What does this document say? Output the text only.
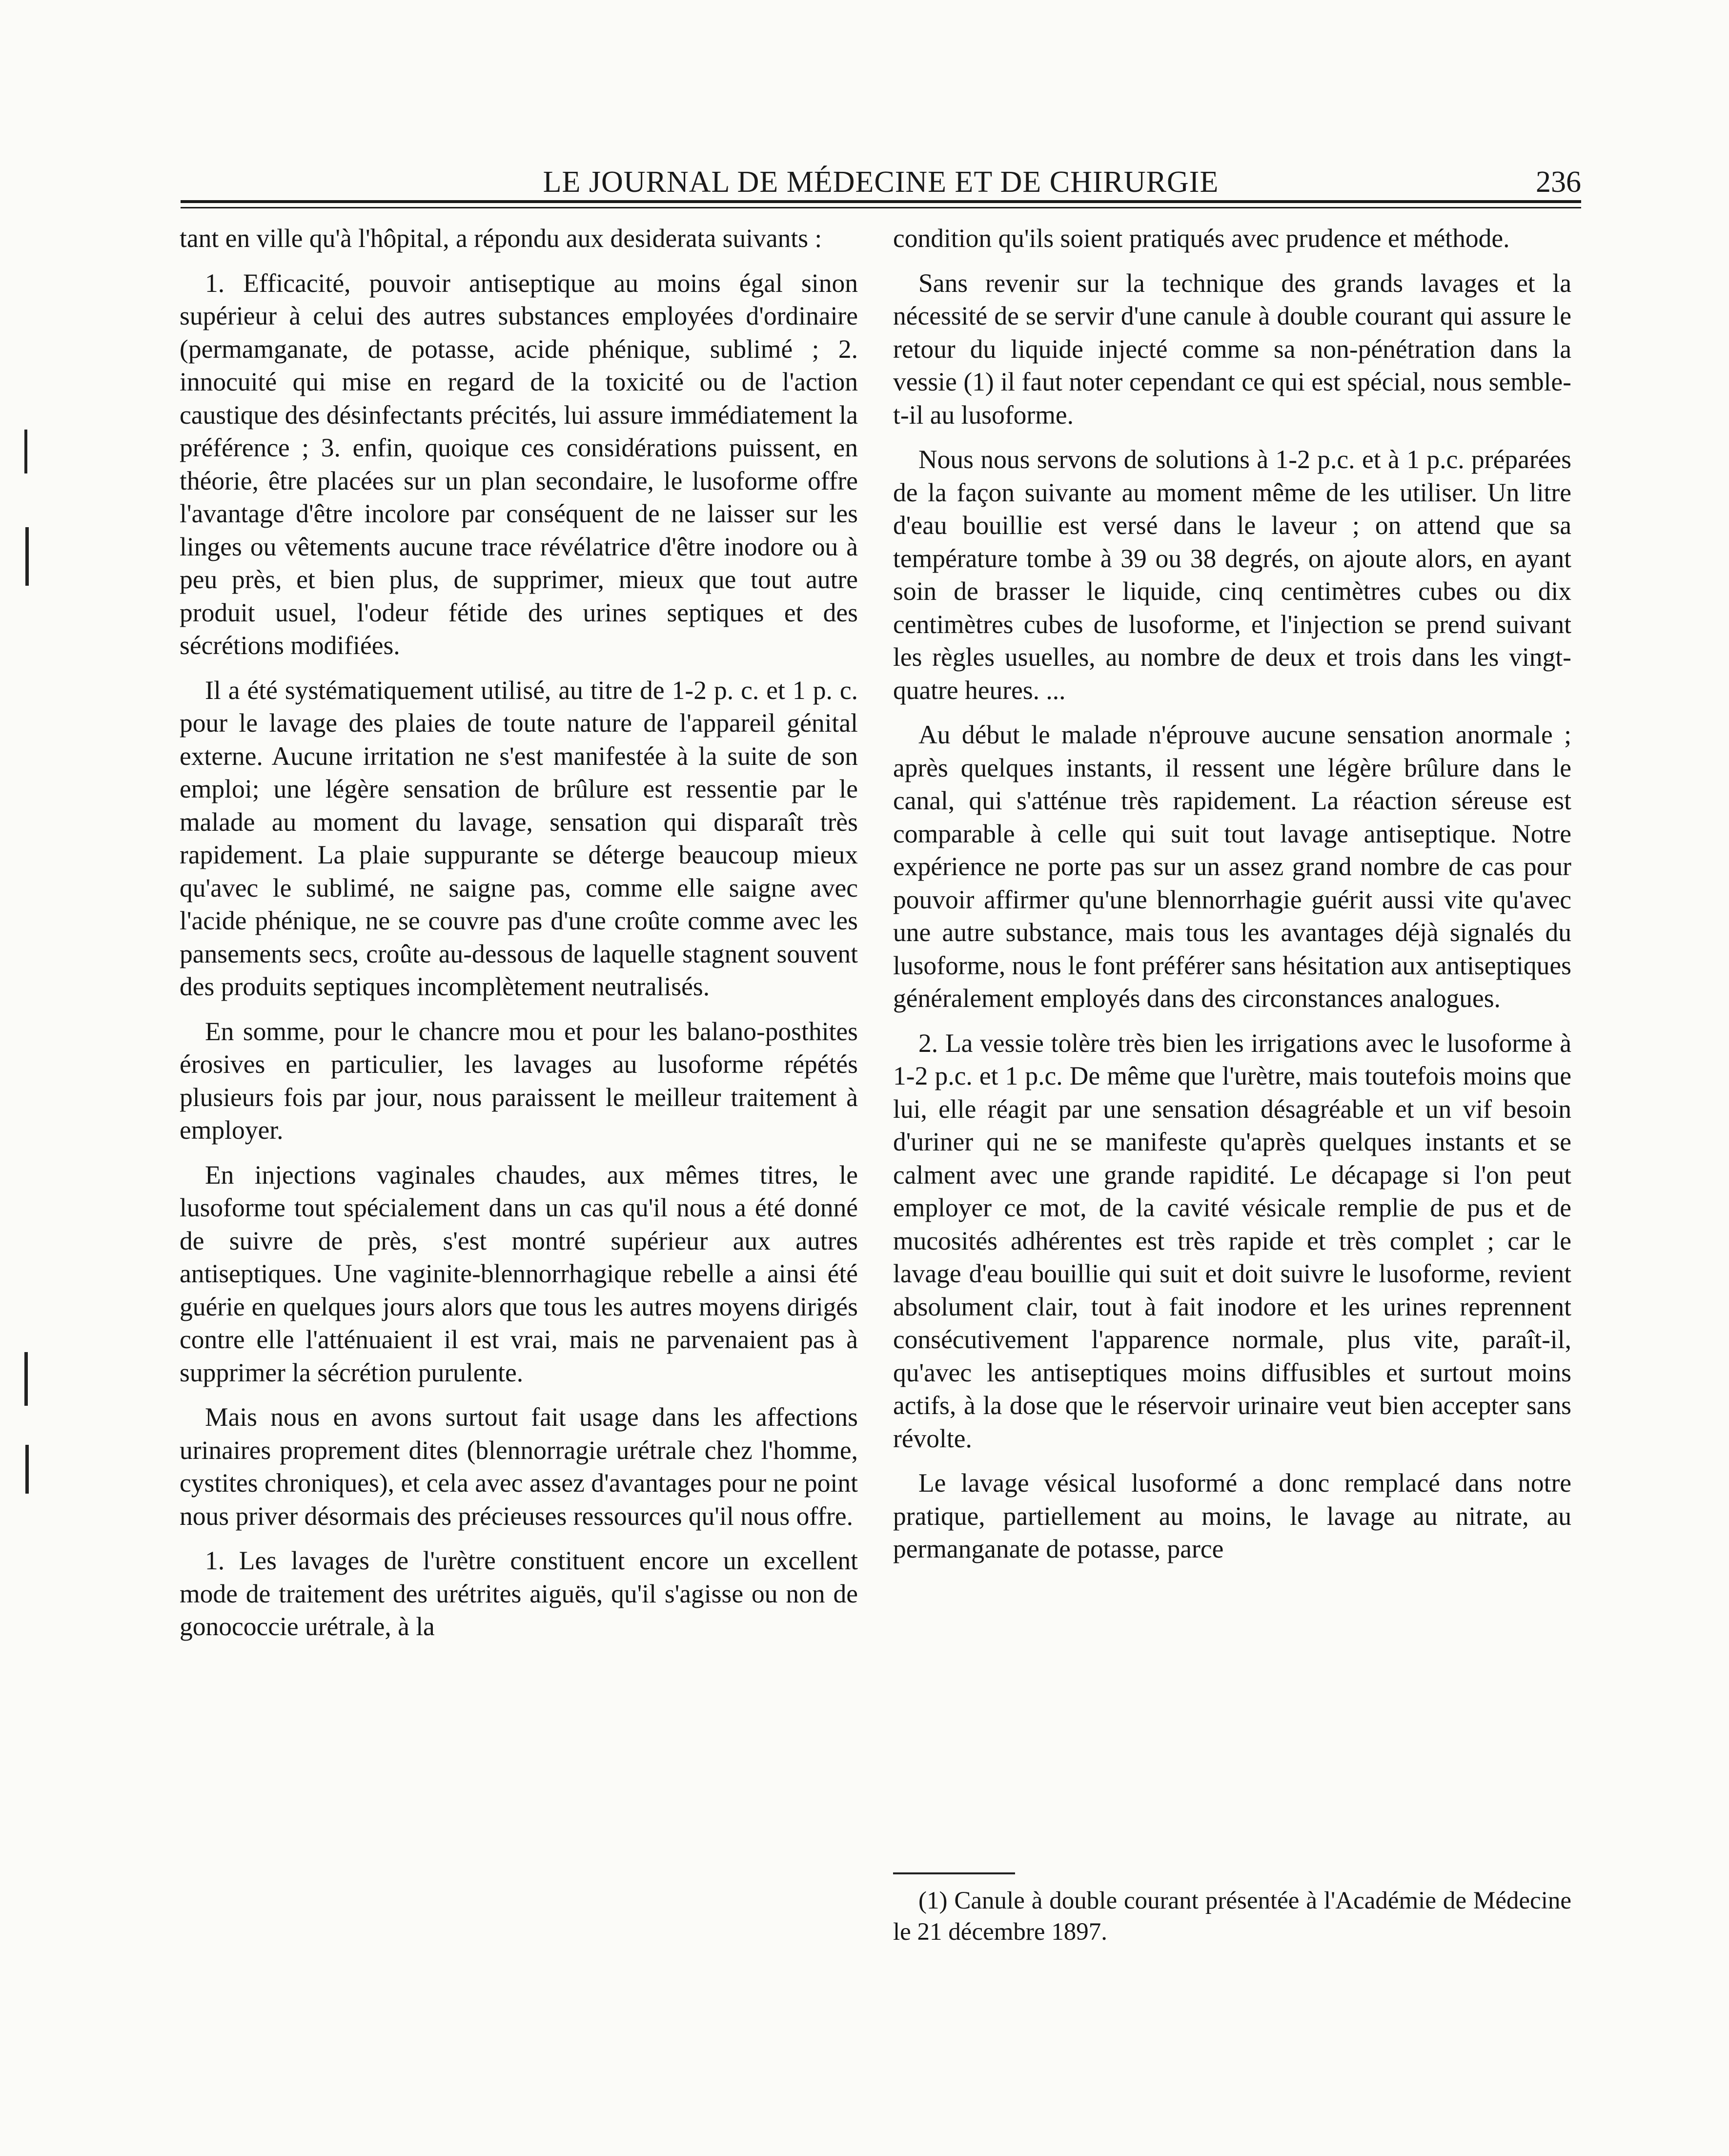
LE JOURNAL DE MÉDECINE ET DE CHIRURGIE	236

tant en ville qu'à l'hôpital, a répondu aux desiderata suivants :

1. Efficacité, pouvoir antiseptique au moins égal sinon supérieur à celui des autres substances employées d'ordinaire (permamganate, de potasse, acide phénique, sublimé ; 2. innocuité qui mise en regard de la toxicité ou de l'action caustique des désinfectants précités, lui assure immédiatement la préférence ; 3. enfin, quoique ces considérations puissent, en théorie, être placées sur un plan secondaire, le lusoforme offre l'avantage d'être incolore par conséquent de ne laisser sur les linges ou vêtements aucune trace révélatrice d'être inodore ou à peu près, et bien plus, de supprimer, mieux que tout autre produit usuel, l'odeur fétide des urines septiques et des sécrétions modifiées.

Il a été systématiquement utilisé, au titre de 1-2 p. c. et 1 p. c. pour le lavage des plaies de toute nature de l'appareil génital externe. Aucune irritation ne s'est manifestée à la suite de son emploi; une légère sensation de brûlure est ressentie par le malade au moment du lavage, sensation qui disparaît très rapidement. La plaie suppurante se déterge beaucoup mieux qu'avec le sublimé, ne saigne pas, comme elle saigne avec l'acide phénique, ne se couvre pas d'une croûte comme avec les pansements secs, croûte au-dessous de laquelle stagnent souvent des produits septiques incomplètement neutralisés.

En somme, pour le chancre mou et pour les balano-posthites érosives en particulier, les lavages au lusoforme répétés plusieurs fois par jour, nous paraissent le meilleur traitement à employer.

En injections vaginales chaudes, aux mêmes titres, le lusoforme tout spécialement dans un cas qu'il nous a été donné de suivre de près, s'est montré supérieur aux autres antiseptiques. Une vaginite-blennorrhagique rebelle a ainsi été guérie en quelques jours alors que tous les autres moyens dirigés contre elle l'atténuaient il est vrai, mais ne parvenaient pas à supprimer la sécrétion purulente.

Mais nous en avons surtout fait usage dans les affections urinaires proprement dites (blennorragie urétrale chez l'homme, cystites chroniques), et cela avec assez d'avantages pour ne point nous priver désormais des précieuses ressources qu'il nous offre.

1. Les lavages de l'urètre constituent encore un excellent mode de traitement des urétrites aiguës, qu'il s'agisse ou non de gonococcie urétrale, à la

condition qu'ils soient pratiqués avec prudence et méthode.

Sans revenir sur la technique des grands lavages et la nécessité de se servir d'une canule à double courant qui assure le retour du liquide injecté comme sa non-pénétration dans la vessie (1) il faut noter cependant ce qui est spécial, nous semble-t-il au lusoforme.

Nous nous servons de solutions à 1-2 p.c. et à 1 p.c. préparées de la façon suivante au moment même de les utiliser. Un litre d'eau bouillie est versé dans le laveur ; on attend que sa température tombe à 39 ou 38 degrés, on ajoute alors, en ayant soin de brasser le liquide, cinq centimètres cubes ou dix centimètres cubes de lusoforme, et l'injection se prend suivant les règles usuelles, au nombre de deux et trois dans les vingt-quatre heures. ...

Au début le malade n'éprouve aucune sensation anormale ; après quelques instants, il ressent une légère brûlure dans le canal, qui s'atténue très rapidement. La réaction séreuse est comparable à celle qui suit tout lavage antiseptique. Notre expérience ne porte pas sur un assez grand nombre de cas pour pouvoir affirmer qu'une blennorrhagie guérit aussi vite qu'avec une autre substance, mais tous les avantages déjà signalés du lusoforme, nous le font préférer sans hésitation aux antiseptiques généralement employés dans des circonstances analogues.

2. La vessie tolère très bien les irrigations avec le lusoforme à 1-2 p.c. et 1 p.c. De même que l'urètre, mais toutefois moins que lui, elle réagit par une sensation désagréable et un vif besoin d'uriner qui ne se manifeste qu'après quelques instants et se calment avec une grande rapidité. Le décapage si l'on peut employer ce mot, de la cavité vésicale remplie de pus et de mucosités adhérentes est très rapide et très complet ; car le lavage d'eau bouillie qui suit et doit suivre le lusoforme, revient absolument clair, tout à fait inodore et les urines reprennent consécutivement l'apparence normale, plus vite, paraît-il, qu'avec les antiseptiques moins diffusibles et surtout moins actifs, à la dose que le réservoir urinaire veut bien accepter sans révolte.

Le lavage vésical lusoformé a donc remplacé dans notre pratique, partiellement au moins, le lavage au nitrate, au permanganate de potasse, parce

(1) Canule à double courant présentée à l'Académie de Médecine le 21 décembre 1897.
